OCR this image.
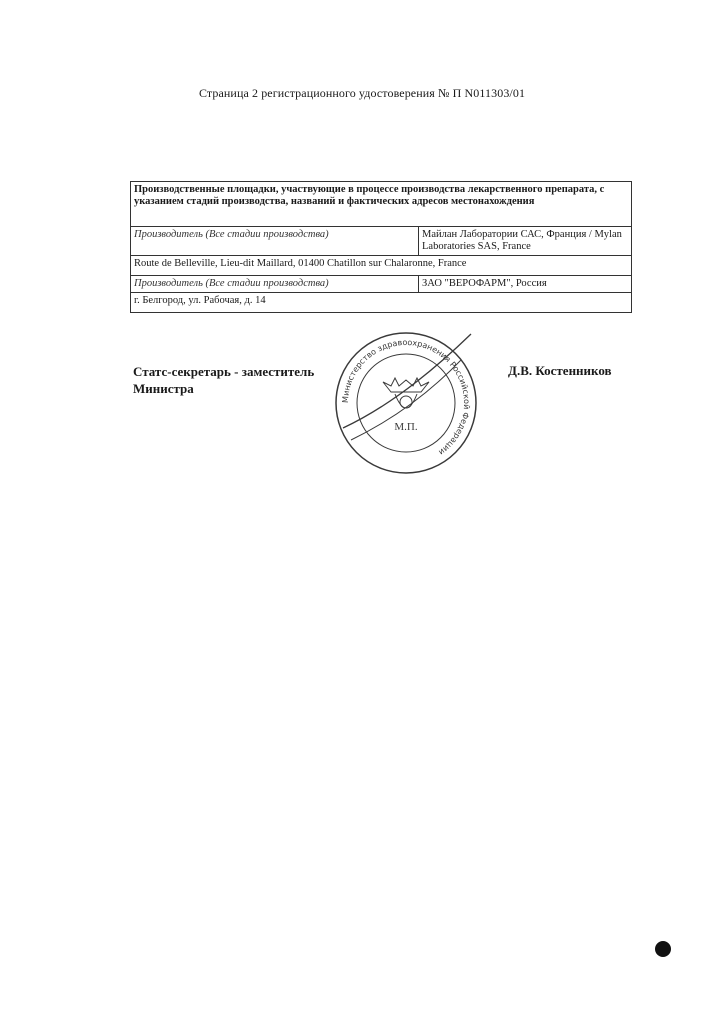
Страница 2 регистрационного удостоверения № П N011303/01
Производственные площадки, участвующие в процессе производства лекарственного препарата, с указанием стадий производства, названий и фактических адресов местонахождения	
Производитель (Все стадии производства)	Майлан Лаборатории САС, Франция / Mylan Laboratories SAS, France
Route de Belleville, Lieu-dit Maillard, 01400 Chatillon sur Chalaronne, France	
Производитель (Все стадии производства)	ЗАО "ВЕРОФАРМ", Россия
г. Белгород, ул. Рабочая, д. 14	
Статс-секретарь - заместитель
Министра
Министерство здравоохранения Российской Федерации
М.П.
Д.В. Костенников
